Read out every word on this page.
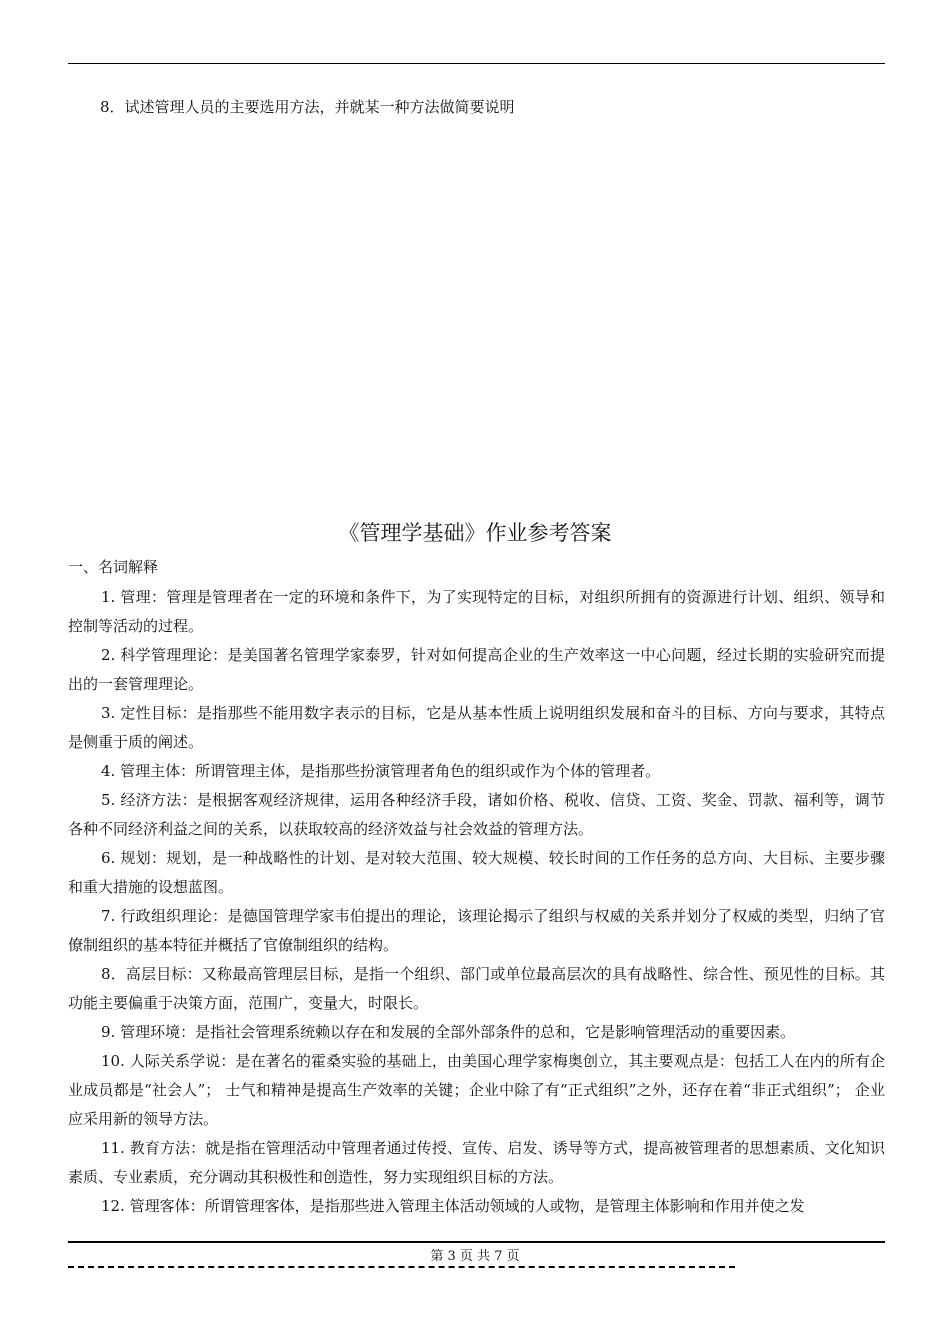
8．试述管理人员的主要选用方法，并就某一种方法做简要说明
《管理学基础》作业参考答案
一、名词解释

1. 管理：管理是管理者在一定的环境和条件下，为了实现特定的目标，对组织所拥有的资源进行计划、组织、领导和控制等活动的过程。

2. 科学管理理论：是美国著名管理学家泰罗，针对如何提高企业的生产效率这一中心问题，经过长期的实验研究而提出的一套管理理论。

3. 定性目标：是指那些不能用数字表示的目标，它是从基本性质上说明组织发展和奋斗的目标、方向与要求，其特点是侧重于质的阐述。

4. 管理主体：所谓管理主体，是指那些扮演管理者角色的组织或作为个体的管理者。

5. 经济方法：是根据客观经济规律，运用各种经济手段，诸如价格、税收、信贷、工资、奖金、罚款、福利等，调节各种不同经济利益之间的关系，以获取较高的经济效益与社会效益的管理方法。

6. 规划：规划，是一种战略性的计划、是对较大范围、较大规模、较长时间的工作任务的总方向、大目标、主要步骤和重大措施的设想蓝图。

7. 行政组织理论：是德国管理学家韦伯提出的理论，该理论揭示了组织与权威的关系并划分了权威的类型，归纳了官僚制组织的基本特征并概括了官僚制组织的结构。

8．高层目标：又称最高管理层目标，是指一个组织、部门或单位最高层次的具有战略性、综合性、预见性的目标。其功能主要偏重于决策方面，范围广，变量大，时限长。

9. 管理环境：是指社会管理系统赖以存在和发展的全部外部条件的总和，它是影响管理活动的重要因素。

10. 人际关系学说：是在著名的霍桑实验的基础上，由美国心理学家梅奥创立，其主要观点是：包括工人在内的所有企业成员都是“社会人”； 士气和精神是提高生产效率的关键；企业中除了有“正式组织”之外，还存在着“非正式组织”； 企业应采用新的领导方法。

11. 教育方法：就是指在管理活动中管理者通过传授、宣传、启发、诱导等方式，提高被管理者的思想素质、文化知识素质、专业素质，充分调动其积极性和创造性，努力实现组织目标的方法。

12. 管理客体：所谓管理客体，是指那些进入管理主体活动领域的人或物，是管理主体影响和作用并使之发

第 3 页 共 7 页
